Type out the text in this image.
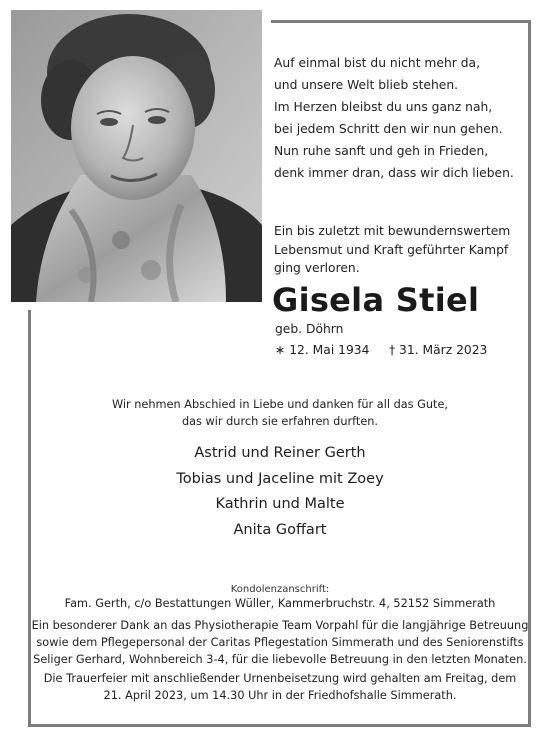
Auf einmal bist du nicht mehr da,
und unsere Welt blieb stehen.
Im Herzen bleibst du uns ganz nah,
bei jedem Schritt den wir nun gehen.
Nun ruhe sanft und geh in Frieden,
denk immer dran, dass wir dich lieben.
Ein bis zuletzt mit bewundernswertem
Lebensmut und Kraft geführter Kampf
ging verloren.
Gisela Stiel
geb. Döhrn
∗ 12. Mai 1934 † 31. März 2023
Wir nehmen Abschied in Liebe und danken für all das Gute,
das wir durch sie erfahren durften.
Astrid und Reiner Gerth
Tobias und Jaceline mit Zoey
Kathrin und Malte
Anita Goffart
Kondolenzanschrift:
Fam. Gerth, c/o Bestattungen Wüller, Kammerbruchstr. 4, 52152 Simmerath
Ein besonderer Dank an das Physiotherapie Team Vorpahl für die langjährige Betreuung
sowie dem Pflegepersonal der Caritas Pflegestation Simmerath und des Seniorenstifts
Seliger Gerhard, Wohnbereich 3-4, für die liebevolle Betreuung in den letzten Monaten.
Die Trauerfeier mit anschließender Urnenbeisetzung wird gehalten am Freitag, dem
21. April 2023, um 14.30 Uhr in der Friedhofshalle Simmerath.
